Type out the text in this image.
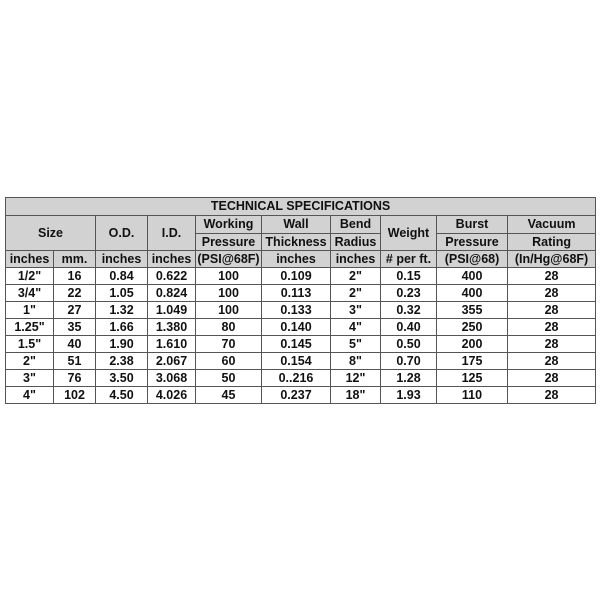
TECHNICAL SPECIFICATIONS									
Size		O.D.	I.D.	Working	Wall	Bend	Weight	Burst	Vacuum
				Pressure	Thickness	Radius		Pressure	Rating
inches	mm.	inches	inches	(PSI@68F)	inches	inches	# per ft.	(PSI@68)	(In/Hg@68F)
1/2"	16	0.84	0.622	100	0.109	2"	0.15	400	28
3/4"	22	1.05	0.824	100	0.113	2"	0.23	400	28
1"	27	1.32	1.049	100	0.133	3"	0.32	355	28
1.25"	35	1.66	1.380	80	0.140	4"	0.40	250	28
1.5"	40	1.90	1.610	70	0.145	5"	0.50	200	28
2"	51	2.38	2.067	60	0.154	8"	0.70	175	28
3"	76	3.50	3.068	50	0..216	12"	1.28	125	28
4"	102	4.50	4.026	45	0.237	18"	1.93	110	28
